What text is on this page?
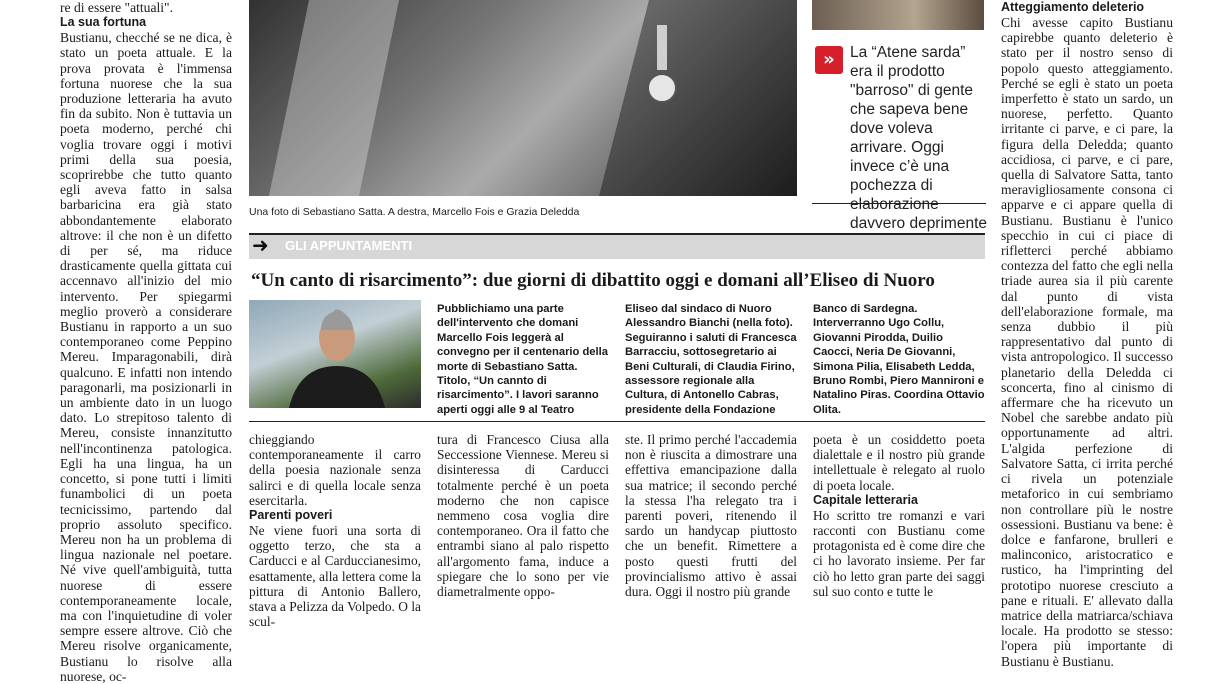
re di essere "attuali".

La sua fortuna

Bustianu, checché se ne dica, è stato un poeta attuale. E la prova provata è l'immensa fortuna nuorese che la sua produzione letteraria ha avuto fin da subito. Non è tuttavia un poeta moderno, perché chi voglia trovare oggi i motivi primi della sua poesia, scoprirebbe che tutto quanto egli aveva fatto in salsa barbaricina era già stato abbondantemente elaborato altrove: il che non è un difetto di per sé, ma riduce drasticamente quella gittata cui accennavo all'inizio del mio intervento. Per spiegarmi meglio proverò a considerare Bustianu in rapporto a un suo contemporaneo come Peppino Mereu. Imparagonabili, dirà qualcuno. E infatti non intendo paragonarli, ma posizionarli in un ambiente dato in un luogo dato. Lo strepitoso talento di Mereu, consiste innanzitutto nell'incontinenza patologica. Egli ha una lingua, ha un concetto, si pone tutti i limiti funambolici di un poeta tecnicissimo, partendo dal proprio assoluto specifico. Mereu non ha un problema di lingua nazionale nel poetare. Né vive quell'ambiguità, tutta nuorese di essere contemporaneamente locale, ma con l'inquietudine di voler sempre essere altrove. Ciò che Mereu risolve organicamente, Bustianu lo risolve alla nuorese, oc-

Una foto di Sebastiano Satta. A destra, Marcello Fois e Grazia Deledda
» La “Atene sarda” era il prodotto "barroso" di gente che sapeva bene dove voleva arrivare. Oggi invece c’è una pochezza di elaborazione davvero deprimente
➜ GLI APPUNTAMENTI
“Un canto di risarcimento”: due giorni di dibattito oggi e domani all’Eliseo di Nuoro

Pubblichiamo una parte dell'intervento che domani Marcello Fois leggerà al convegno per il centenario della morte di Sebastiano Satta. Titolo, “Un cannto di risarcimento”. I lavori saranno aperti oggi alle 9 al Teatro

Eliseo dal sindaco di Nuoro Alessandro Bianchi (nella foto). Seguiranno i saluti di Francesca Barracciu, sottosegretario ai Beni Culturali, di Claudia Firino, assessore regionale alla Cultura, di Antonello Cabras, presidente della Fondazione

Banco di Sardegna. Interverranno Ugo Collu, Giovanni Pirodda, Duilio Caocci, Neria De Giovanni, Simona Pilia, Elisabeth Ledda, Bruno Rombi, Piero Mannironi e Natalino Piras. Coordina Ottavio Olita.

chieggiando contemporaneamente il carro della poesia nazionale senza salirci e di quella locale senza esercitarla.

Parenti poveri

Ne viene fuori una sorta di oggetto terzo, che sta a Carducci e al Carduccianesimo, esattamente, alla lettera come la pittura di Antonio Ballero, stava a Pelizza da Volpedo. O la scul-

tura di Francesco Ciusa alla Seccessione Viennese. Mereu si disinteressa di Carducci totalmente perché è un poeta moderno che non capisce nemmeno cosa voglia dire contemporaneo. Ora il fatto che entrambi siano al palo rispetto all'argomento fama, induce a spiegare che lo sono per vie diametralmente oppo-

ste. Il primo perché l'accademia non è riuscita a dimostrare una effettiva emancipazione dalla sua matrice; il secondo perché la stessa l'ha relegato tra i parenti poveri, ritenendo il sardo un handycap piuttosto che un benefit. Rimettere a posto questi frutti del provincialismo attivo è assai dura. Oggi il nostro più grande

poeta è un cosiddetto poeta dialettale e il nostro più grande intellettuale è relegato al ruolo di poeta locale.

Capitale letteraria

Ho scritto tre romanzi e vari racconti con Bustianu come protagonista ed è come dire che ci ho lavorato insieme. Per far ciò ho letto gran parte dei saggi sul suo conto e tutte le

Atteggiamento deleterio

Chi avesse capito Bustianu capirebbe quanto deleterio è stato per il nostro senso di popolo questo atteggiamento. Perché se egli è stato un poeta imperfetto è stato un sardo, un nuorese, perfetto. Quanto irritante ci parve, e ci pare, la figura della Deledda; quanto accidiosa, ci parve, e ci pare, quella di Salvatore Satta, tanto meravigliosamente consona ci apparve e ci appare quella di Bustianu. Bustianu è l'unico specchio in cui ci piace di rifletterci perché abbiamo contezza del fatto che egli nella triade aurea sia il più carente dal punto di vista dell'elaborazione formale, ma senza dubbio il più rappresentativo dal punto di vista antropologico. Il successo planetario della Deledda ci sconcerta, fino al cinismo di affermare che ha ricevuto un Nobel che sarebbe andato più opportunamente ad altri. L'algida perfezione di Salvatore Satta, ci irrita perché ci rivela un potenziale metaforico in cui sembriamo non controllare più le nostre ossessioni. Bustianu va bene: è dolce e fanfarone, brulleri e malinconico, aristocratico e rustico, ha l'imprinting del prototipo nuorese cresciuto a pane e rituali. E' allevato dalla matrice della matriarca/schiava locale. Ha prodotto se stesso: l'opera più importante di Bustianu è Bustianu.
